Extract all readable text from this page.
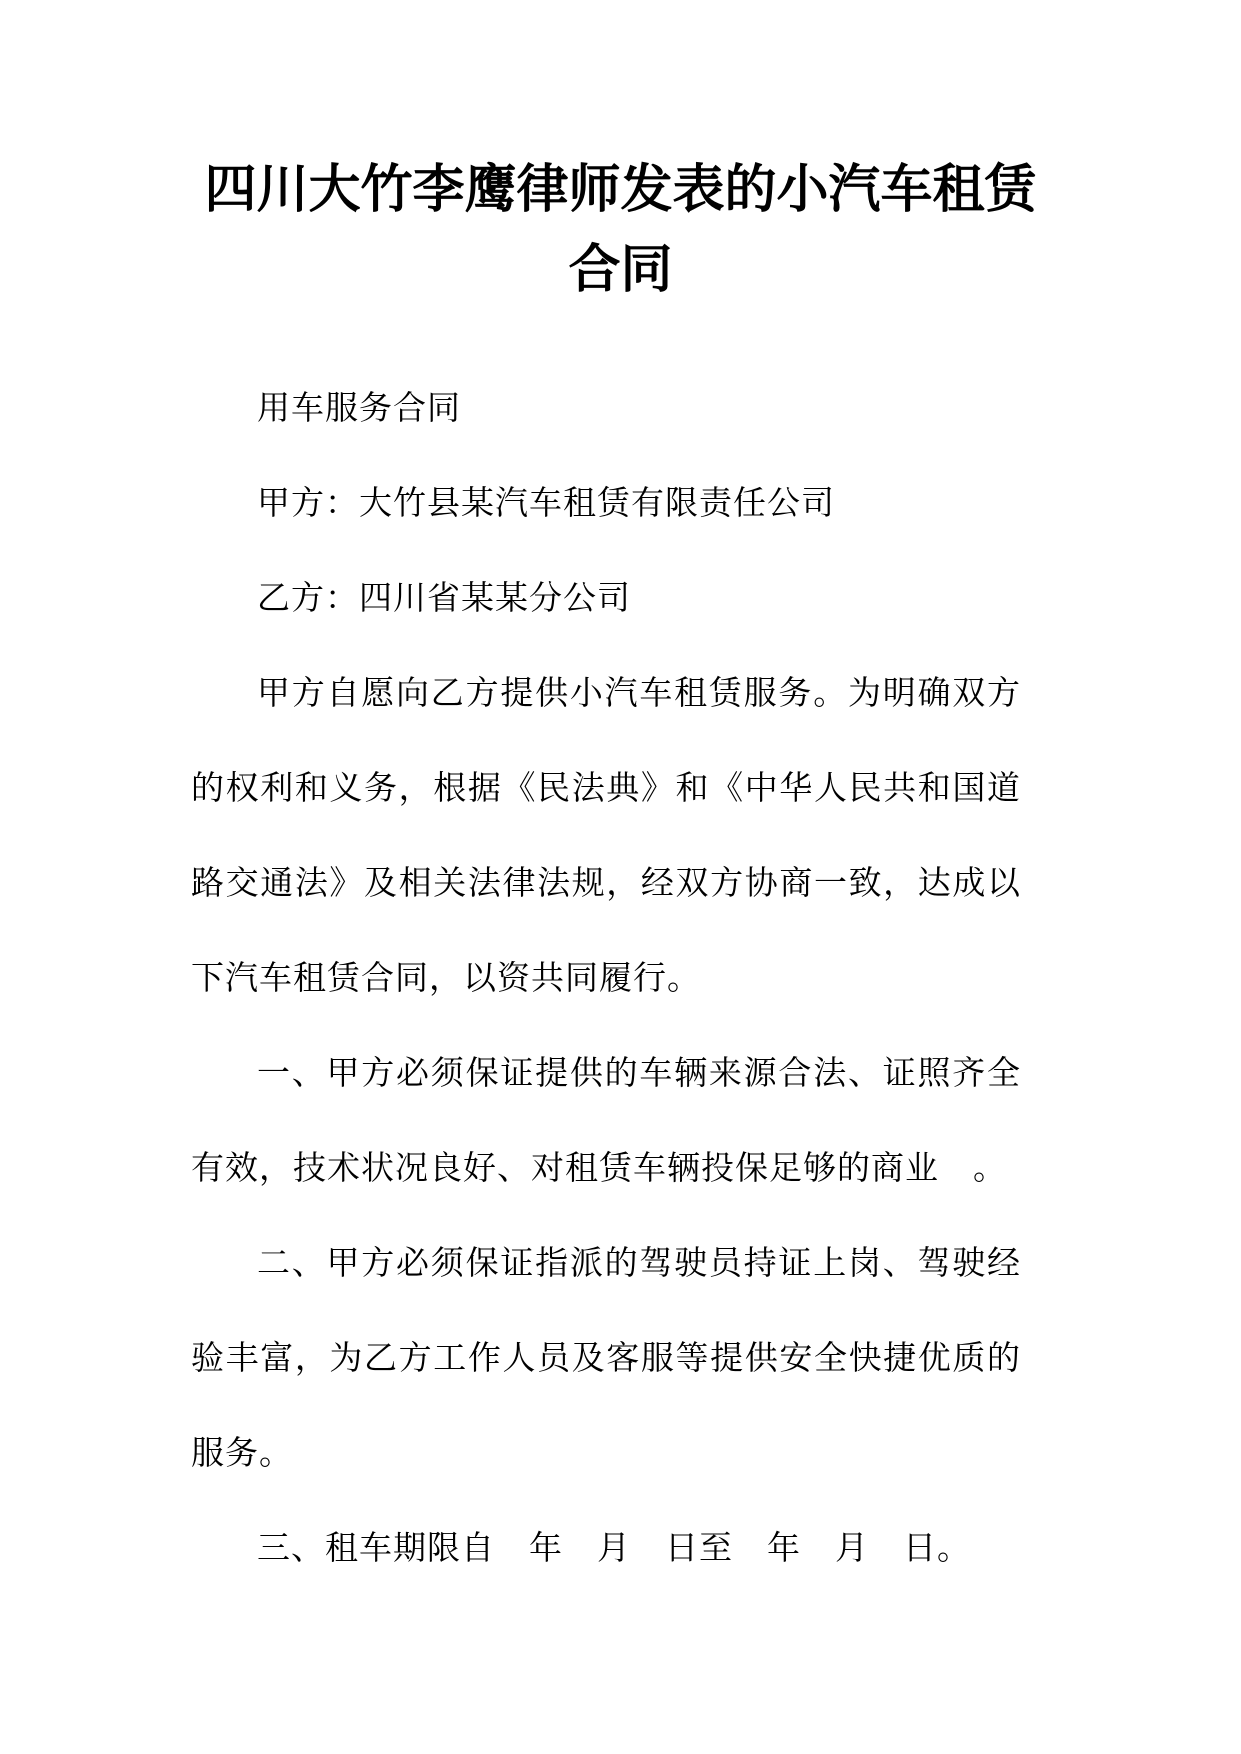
四川大竹李鹰律师发表的小汽车租赁合同

用车服务合同

甲方：大竹县某汽车租赁有限责任公司

乙方：四川省某某分公司

甲方自愿向乙方提供小汽车租赁服务。为明确双方的权利和义务，根据《民法典》和《中华人民共和国道路交通法》及相关法律法规，经双方协商一致，达成以下汽车租赁合同，以资共同履行。

一、甲方必须保证提供的车辆来源合法、证照齐全有效，技术状况良好、对租赁车辆投保足够的商业　。

二、甲方必须保证指派的驾驶员持证上岗、驾驶经验丰富，为乙方工作人员及客服等提供安全快捷优质的服务。

三、租车期限自　年　月　日至　年　月　日。
